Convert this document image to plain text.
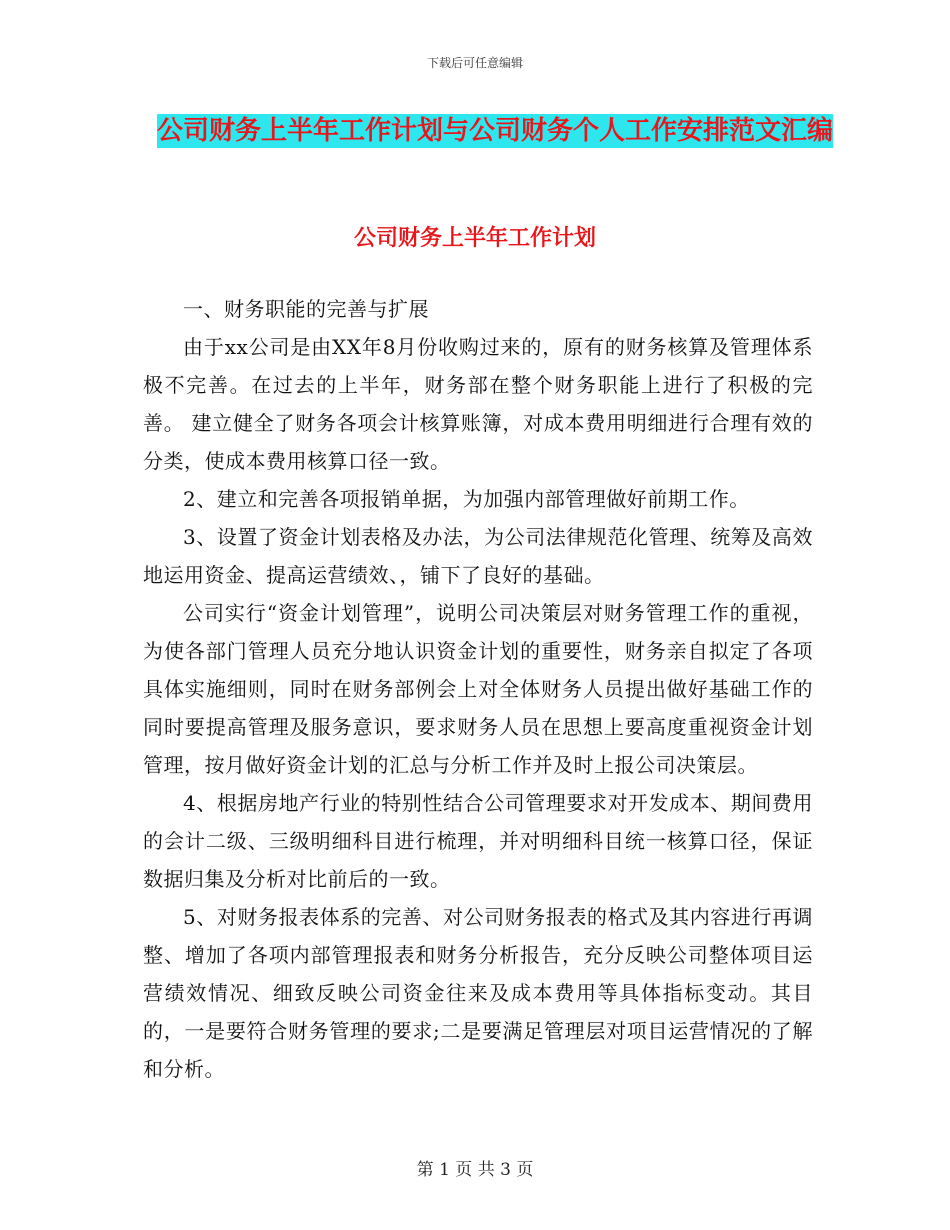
下载后可任意编辑
公司财务上半年工作计划与公司财务个人工作安排范文汇编
公司财务上半年工作计划

一、财务职能的完善与扩展

由于xx公司是由XX年8月份收购过来的，原有的财务核算及管理体系极不完善。在过去的上半年，财务部在整个财务职能上进行了积极的完善。 建立健全了财务各项会计核算账簿，对成本费用明细进行合理有效的分类，使成本费用核算口径一致。

2、建立和完善各项报销单据，为加强内部管理做好前期工作。

3、设置了资金计划表格及办法，为公司法律规范化管理、统筹及高效地运用资金、提高运营绩效、，铺下了良好的基础。

公司实行“资金计划管理”，说明公司决策层对财务管理工作的重视，为使各部门管理人员充分地认识资金计划的重要性，财务亲自拟定了各项具体实施细则，同时在财务部例会上对全体财务人员提出做好基础工作的同时要提高管理及服务意识，要求财务人员在思想上要高度重视资金计划管理，按月做好资金计划的汇总与分析工作并及时上报公司决策层。

4、根据房地产行业的特别性结合公司管理要求对开发成本、期间费用的会计二级、三级明细科目进行梳理，并对明细科目统一核算口径，保证数据归集及分析对比前后的一致。

5、对财务报表体系的完善、对公司财务报表的格式及其内容进行再调整、增加了各项内部管理报表和财务分析报告，充分反映公司整体项目运营绩效情况、细致反映公司资金往来及成本费用等具体指标变动。其目的，一是要符合财务管理的要求;二是要满足管理层对项目运营情况的了解和分析。

第 1 页 共 3 页
